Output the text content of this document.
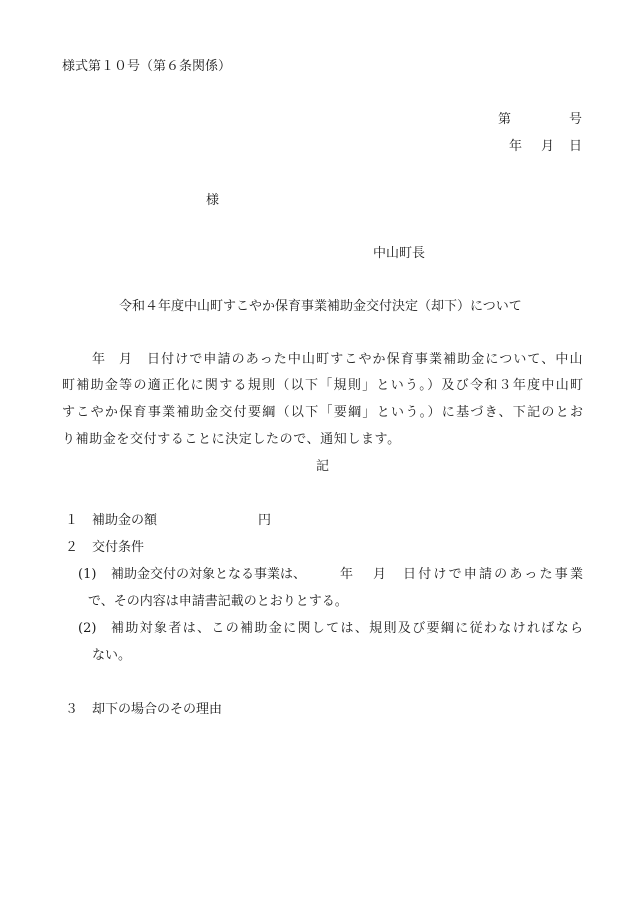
様式第１０号（第６条関係）
第	号
年 月 日
様
中山町長
令和４年度中山町すこやか保育事業補助金交付決定（却下）について
年 月 日付けで申請のあった中山町すこやか保育事業補助金について、中山
町補助金等の適正化に関する規則（以下「規則」という。）及び令和３年度中山町
すこやか保育事業補助金交付要綱（以下「要綱」という。）に基づき、下記のとお
り補助金を交付することに決定したので、通知します。
記
１ 補助金の額	円
２ 交付条件
(1) 補助金交付の対象となる事業は、	年 月 日付けで申請のあった事業
で、その内容は申請書記載のとおりとする。
(2) 補助対象者は、この補助金に関しては、規則及び要綱に従わなければなら
ない。
３ 却下の場合のその理由
